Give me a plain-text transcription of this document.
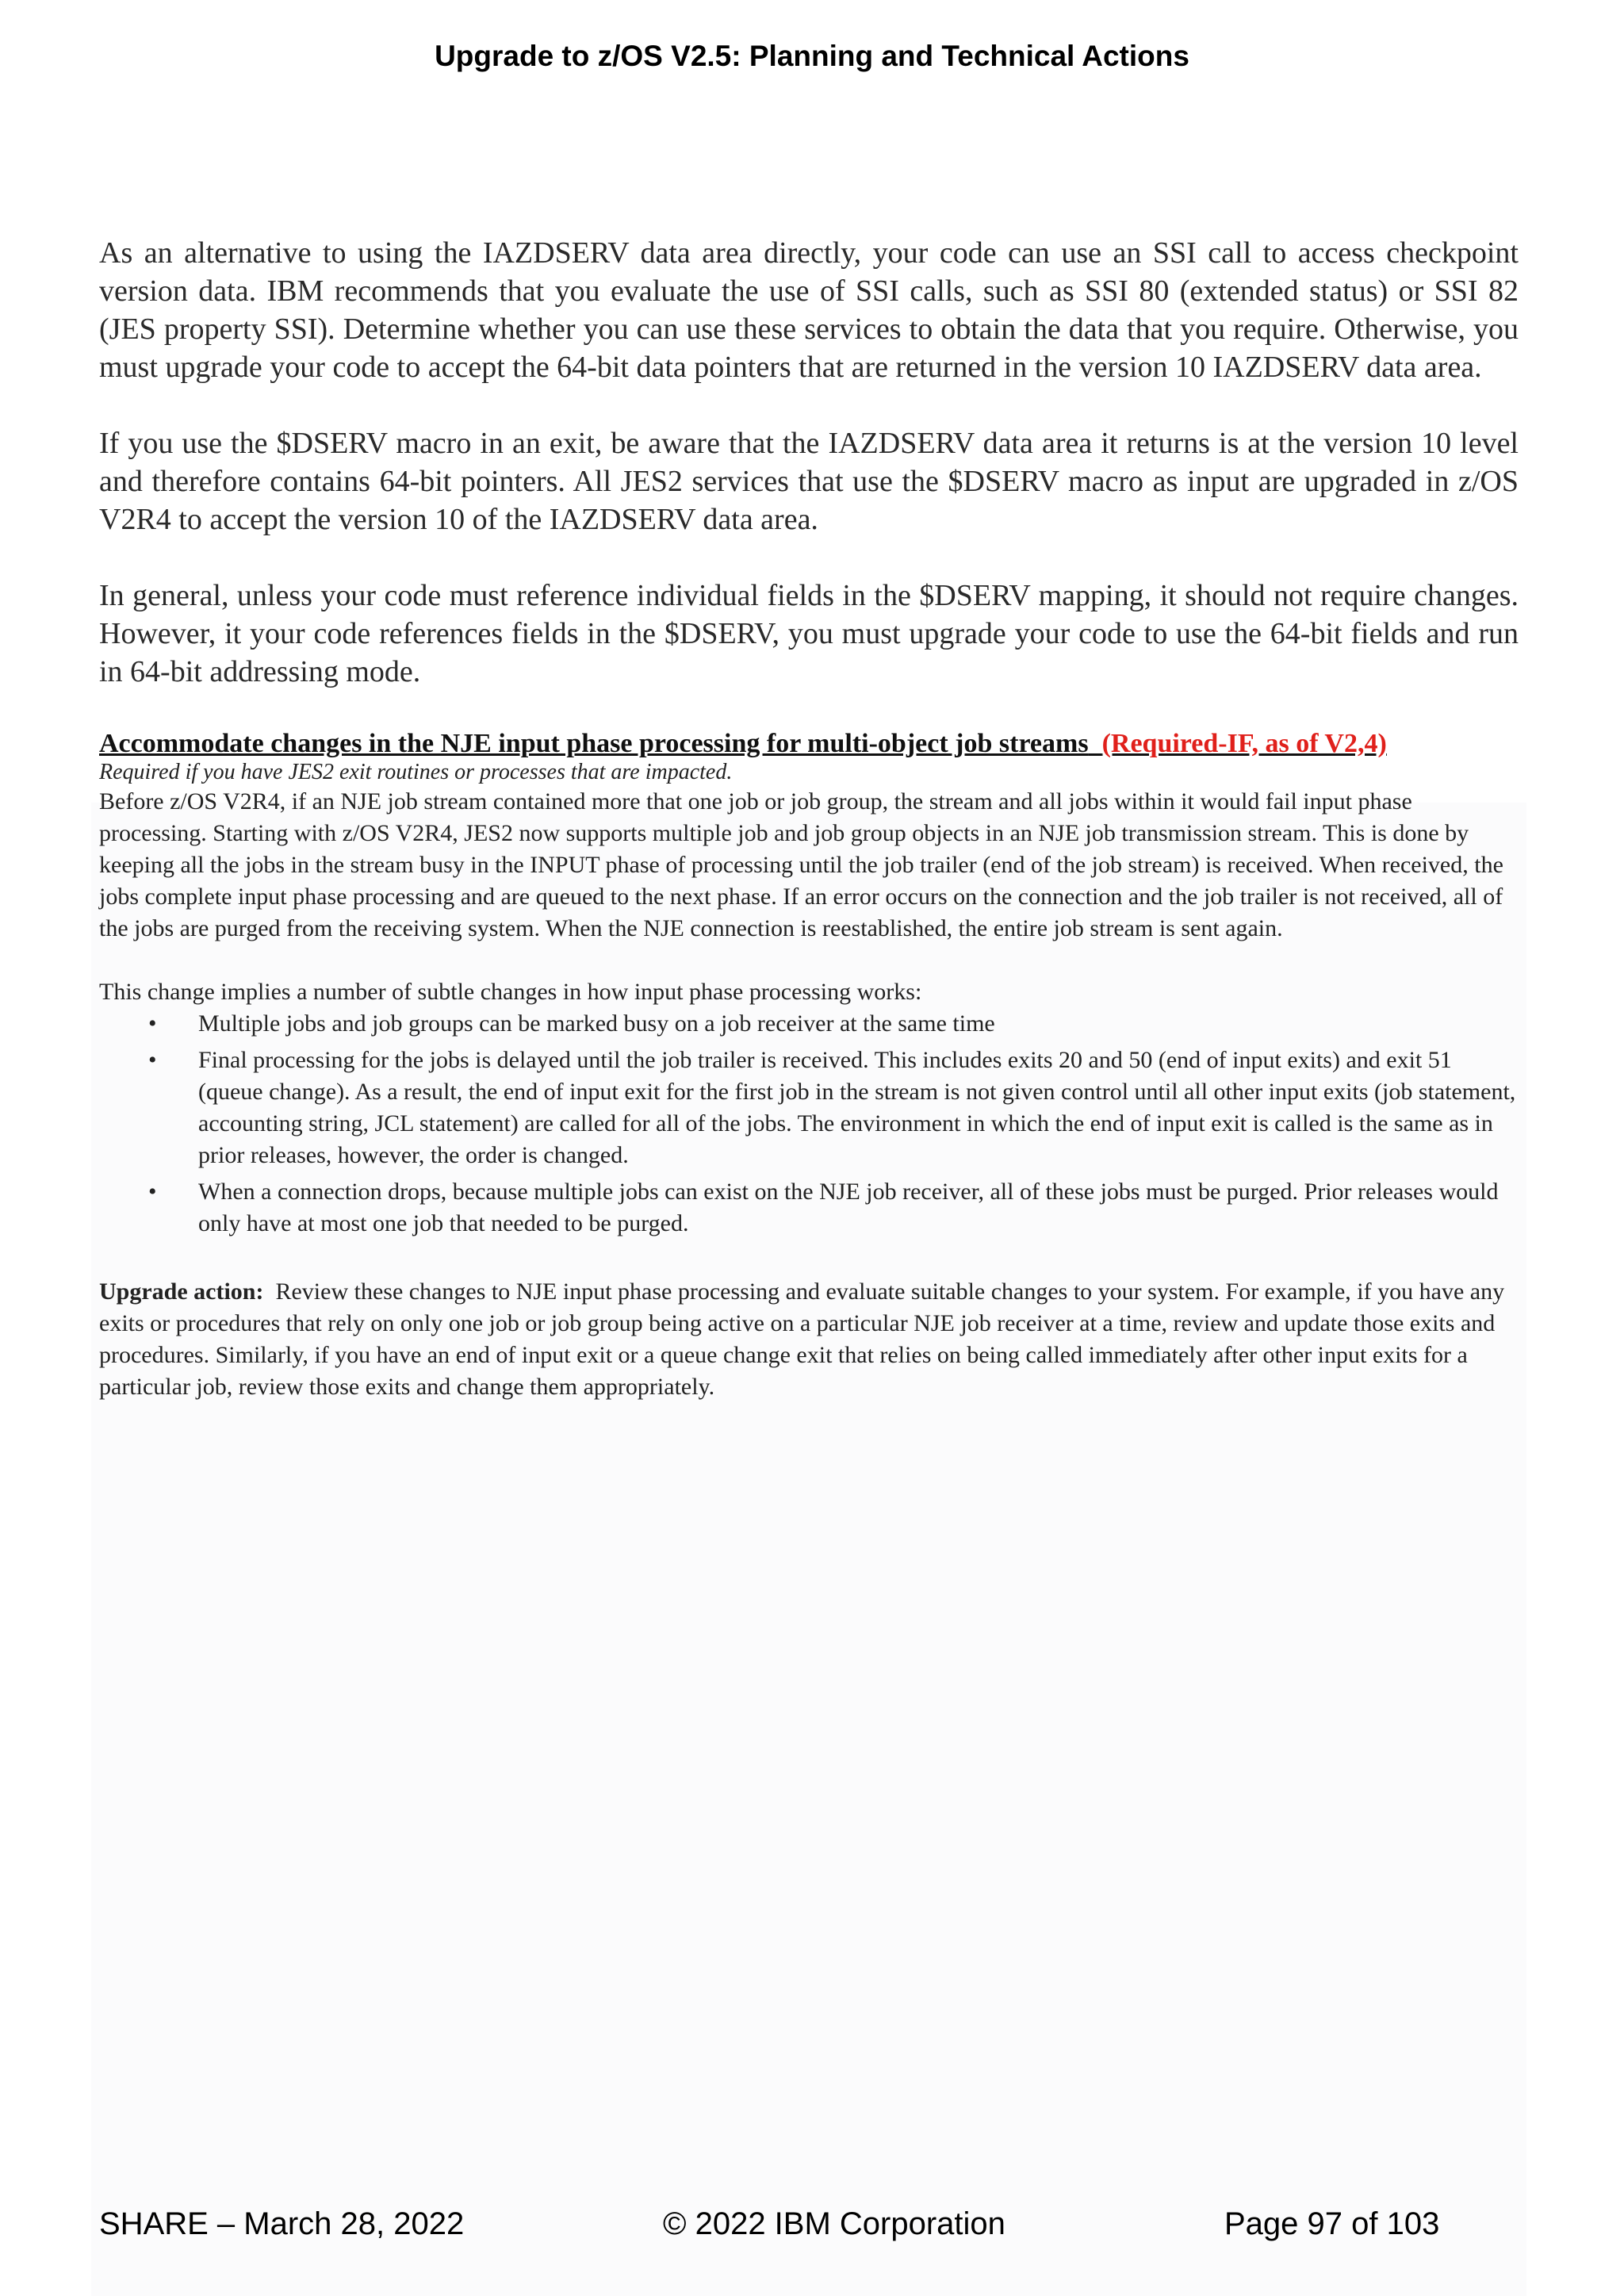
Upgrade to z/OS V2.5: Planning and Technical Actions

As an alternative to using the IAZDSERV data area directly, your code can use an SSI call to access checkpoint version data. IBM recommends that you evaluate the use of SSI calls, such as SSI 80 (extended status) or SSI 82 (JES property SSI). Determine whether you can use these services to obtain the data that you require. Otherwise, you must upgrade your code to accept the 64-bit data pointers that are returned in the version 10 IAZDSERV data area.

If you use the $DSERV macro in an exit, be aware that the IAZDSERV data area it returns is at the version 10 level and therefore contains 64-bit pointers. All JES2 services that use the $DSERV macro as input are upgraded in z/OS V2R4 to accept the version 10 of the IAZDSERV data area.

In general, unless your code must reference individual fields in the $DSERV mapping, it should not require changes. However, it your code references fields in the $DSERV, you must upgrade your code to use the 64-bit fields and run in 64-bit addressing mode.

Accommodate changes in the NJE input phase processing for multi-object job streams (Required-IF, as of V2,4)

Required if you have JES2 exit routines or processes that are impacted.

Before z/OS V2R4, if an NJE job stream contained more that one job or job group, the stream and all jobs within it would fail input phase processing. Starting with z/OS V2R4, JES2 now supports multiple job and job group objects in an NJE job transmission stream. This is done by keeping all the jobs in the stream busy in the INPUT phase of processing until the job trailer (end of the job stream) is received. When received, the jobs complete input phase processing and are queued to the next phase. If an error occurs on the connection and the job trailer is not received, all of the jobs are purged from the receiving system. When the NJE connection is reestablished, the entire job stream is sent again.

This change implies a number of subtle changes in how input phase processing works:

• Multiple jobs and job groups can be marked busy on a job receiver at the same time
• Final processing for the jobs is delayed until the job trailer is received. This includes exits 20 and 50 (end of input exits) and exit 51 (queue change). As a result, the end of input exit for the first job in the stream is not given control until all other input exits (job statement, accounting string, JCL statement) are called for all of the jobs. The environment in which the end of input exit is called is the same as in prior releases, however, the order is changed.
• When a connection drops, because multiple jobs can exist on the NJE job receiver, all of these jobs must be purged. Prior releases would only have at most one job that needed to be purged.

Upgrade action: Review these changes to NJE input phase processing and evaluate suitable changes to your system. For example, if you have any exits or procedures that rely on only one job or job group being active on a particular NJE job receiver at a time, review and update those exits and procedures. Similarly, if you have an end of input exit or a queue change exit that relies on being called immediately after other input exits for a particular job, review those exits and change them appropriately.

SHARE – March 28, 2022	© 2022 IBM Corporation	Page 97 of 103
